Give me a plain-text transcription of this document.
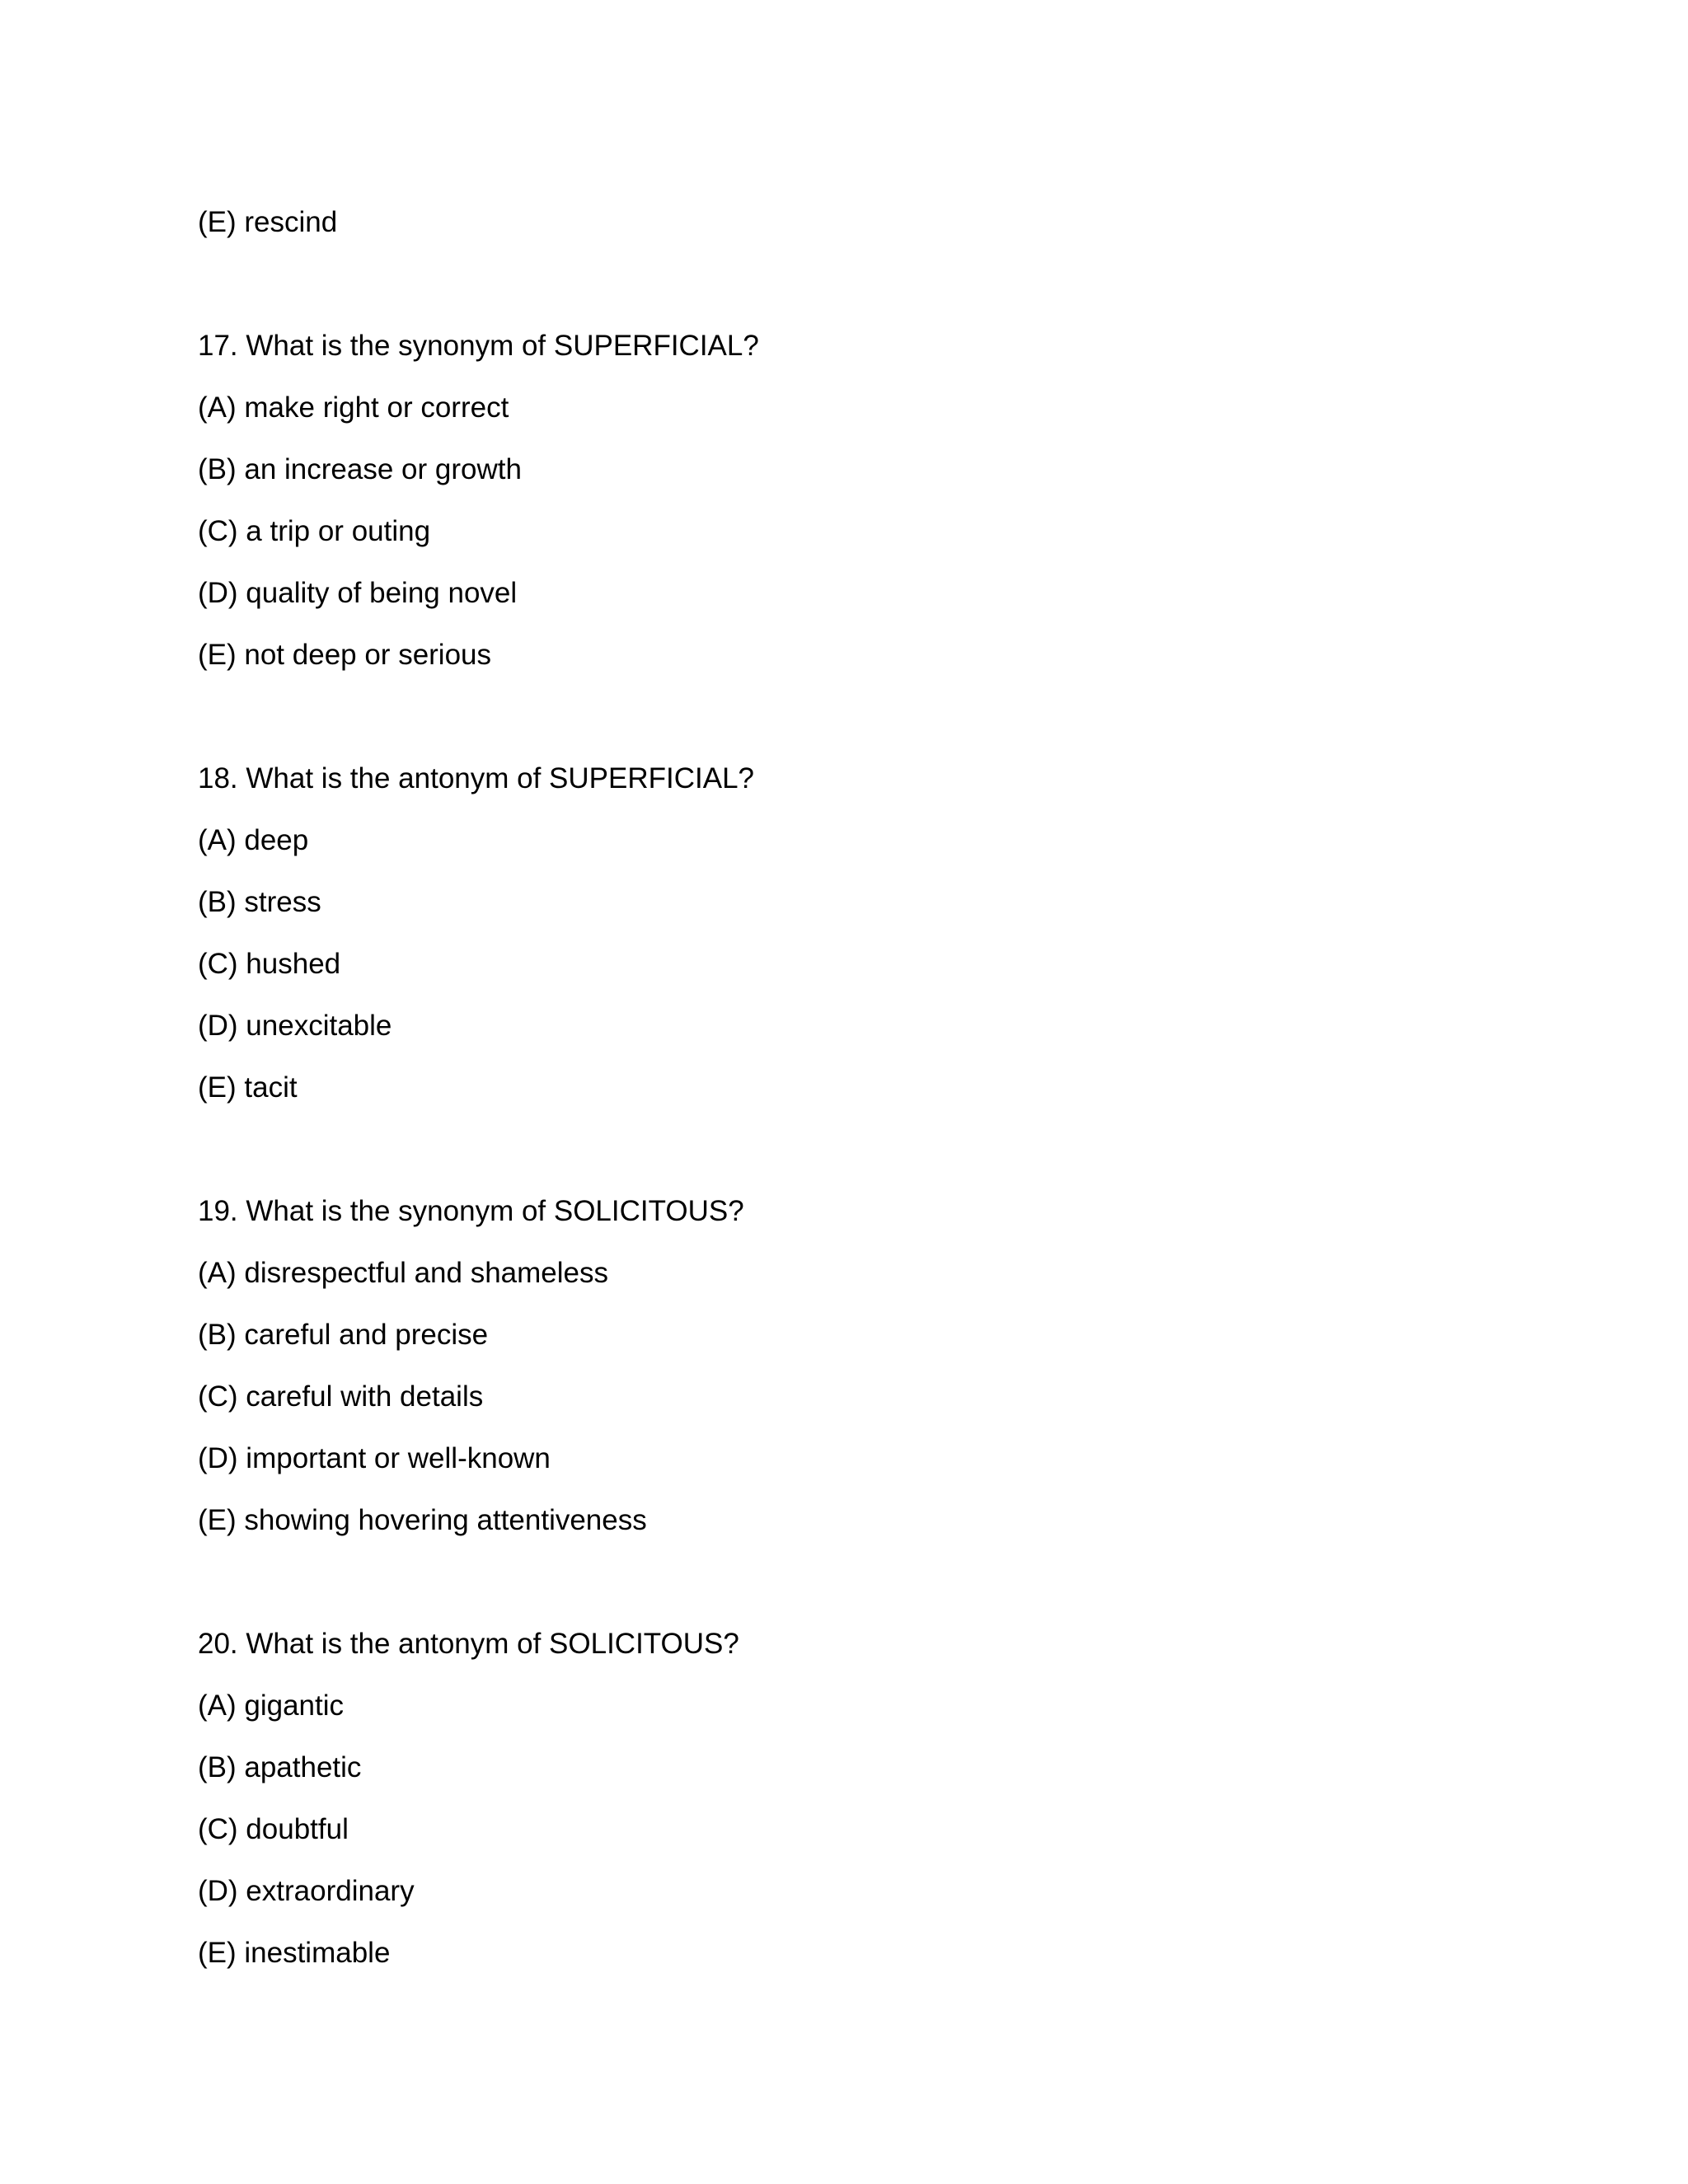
(E) rescind
17. What is the synonym of SUPERFICIAL?
(A) make right or correct
(B) an increase or growth
(C) a trip or outing
(D) quality of being novel
(E) not deep or serious
18. What is the antonym of SUPERFICIAL?
(A) deep
(B) stress
(C) hushed
(D) unexcitable
(E) tacit
19. What is the synonym of SOLICITOUS?
(A) disrespectful and shameless
(B) careful and precise
(C) careful with details
(D) important or well-known
(E) showing hovering attentiveness
20. What is the antonym of SOLICITOUS?
(A) gigantic
(B) apathetic
(C) doubtful
(D) extraordinary
(E) inestimable
